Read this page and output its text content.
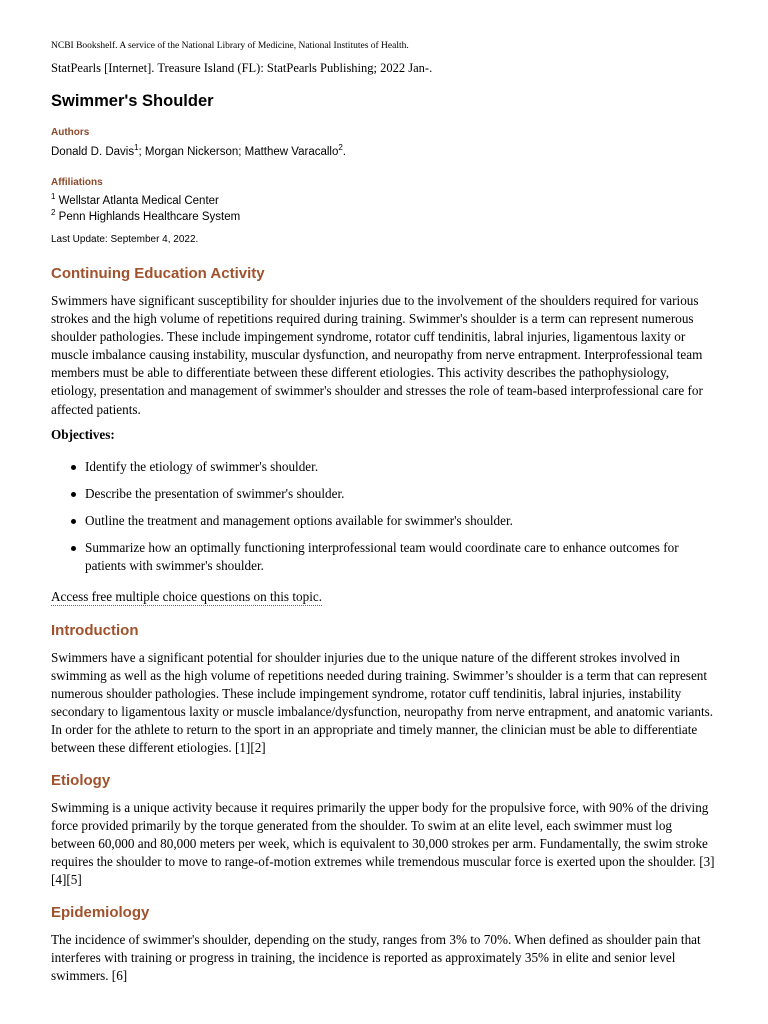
NCBI Bookshelf. A service of the National Library of Medicine, National Institutes of Health.
StatPearls [Internet]. Treasure Island (FL): StatPearls Publishing; 2022 Jan-.
Swimmer's Shoulder
Authors
Donald D. Davis$^1$; Morgan Nickerson; Matthew Varacallo$^2$.
Affiliations
$^1$ Wellstar Atlanta Medical Center
$^2$ Penn Highlands Healthcare System
Last Update: September 4, 2022.
Continuing Education Activity

Swimmers have significant susceptibility for shoulder injuries due to the involvement of the shoulders required for various strokes and the high volume of repetitions required during training. Swimmer's shoulder is a term can represent numerous shoulder pathologies. These include impingement syndrome, rotator cuff tendinitis, labral injuries, ligamentous laxity or muscle imbalance causing instability, muscular dysfunction, and neuropathy from nerve entrapment. Interprofessional team members must be able to differentiate between these different etiologies. This activity describes the pathophysiology, etiology, presentation and management of swimmer's shoulder and stresses the role of team-based interprofessional care for affected patients.

Objectives:
Identify the etiology of swimmer's shoulder.
Describe the presentation of swimmer's shoulder.
Outline the treatment and management options available for swimmer's shoulder.
Summarize how an optimally functioning interprofessional team would coordinate care to enhance outcomes for patients with swimmer's shoulder.
Access free multiple choice questions on this topic.
Introduction

Swimmers have a significant potential for shoulder injuries due to the unique nature of the different strokes involved in swimming as well as the high volume of repetitions needed during training. Swimmer’s shoulder is a term that can represent numerous shoulder pathologies. These include impingement syndrome, rotator cuff tendinitis, labral injuries, instability secondary to ligamentous laxity or muscle imbalance/dysfunction, neuropathy from nerve entrapment, and anatomic variants. In order for the athlete to return to the sport in an appropriate and timely manner, the clinician must be able to differentiate between these different etiologies. [1][2]

Etiology

Swimming is a unique activity because it requires primarily the upper body for the propulsive force, with 90% of the driving force provided primarily by the torque generated from the shoulder. To swim at an elite level, each swimmer must log between 60,000 and 80,000 meters per week, which is equivalent to 30,000 strokes per arm. Fundamentally, the swim stroke requires the shoulder to move to range-of-motion extremes while tremendous muscular force is exerted upon the shoulder. [3][4][5]

Epidemiology

The incidence of swimmer's shoulder, depending on the study, ranges from 3% to 70%. When defined as shoulder pain that interferes with training or progress in training, the incidence is reported as approximately 35% in elite and senior level swimmers. [6]
